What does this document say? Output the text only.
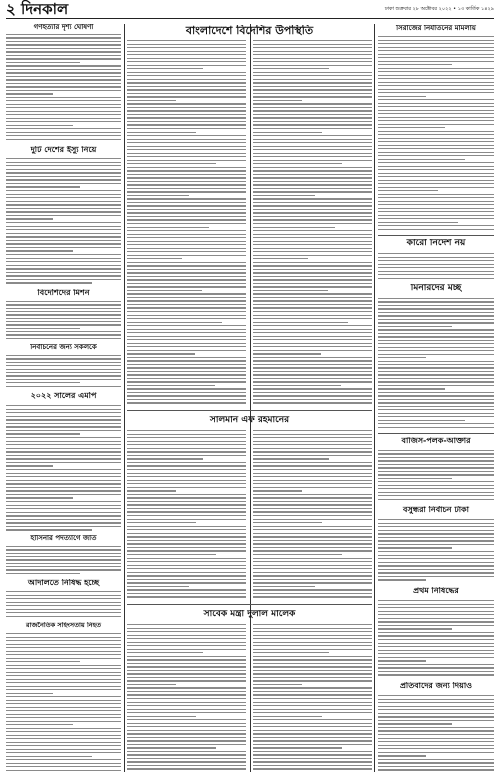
২ দিনকাল	ঢাকা শুক্রবার ২৮ অক্টোবর ২০২২ • ১৩ কার্তিক ১৪২৯
গণহত্যার দৃশ্য ঘোষণা
দুটি দেশের ইস্যু নিয়ে
বিদেশিদের মিশন
নির্বাচনের জন্য সকলকে
২০২২ সালের এমপি
হাসিনার পদত্যাগে জাত
আদালতে নিষিদ্ধ হচ্ছে
রাজনৈতিক সহিংসতায় নিহত
বাংলাদেশে বিদেশির উপস্থিতি
সালমান এফ রহমানের
সাবেক মন্ত্রী দুলাল মালেক
সিরাজের নির্যাতনের মামলায়
কারো নির্দেশ নয়
মিনারদের মচ্ছ
বাজিস-পলক-আক্তার
বসুন্ধরা নির্বাচন টাকা
প্রথম নিষিদ্ধের
প্রতিবাদের জন্য দিয়াও
